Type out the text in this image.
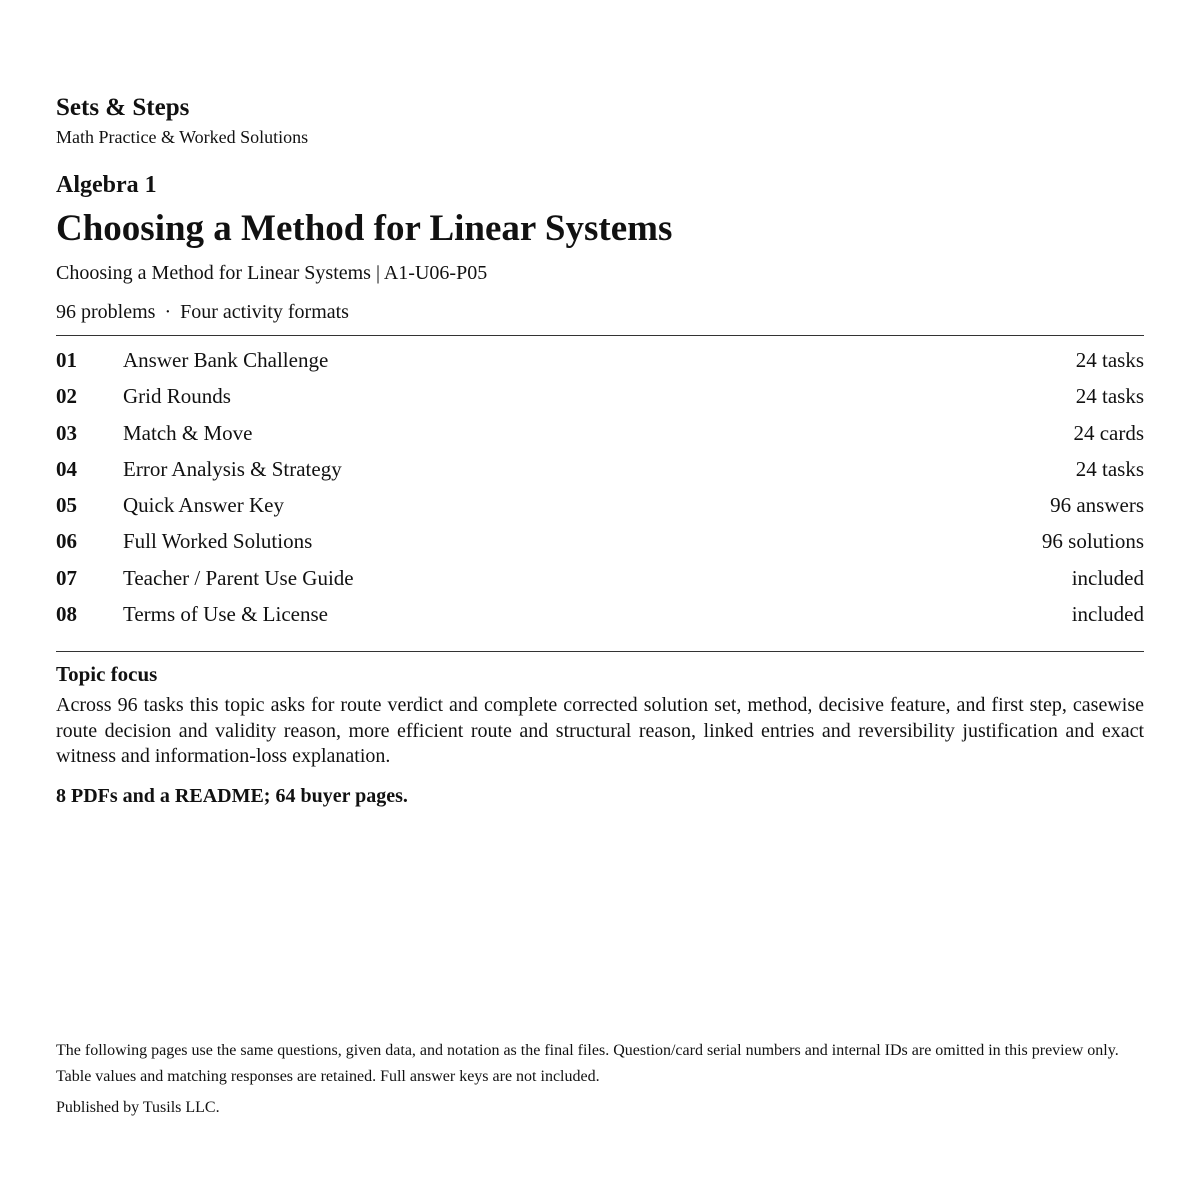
Sets & Steps
Math Practice & Worked Solutions
Algebra 1
Choosing a Method for Linear Systems
Choosing a Method for Linear Systems | A1-U06-P05
96 problems · Four activity formats
01 Answer Bank Challenge	24 tasks
02 Grid Rounds	24 tasks
03 Match & Move	24 cards
04 Error Analysis & Strategy	24 tasks
05 Quick Answer Key	96 answers
06 Full Worked Solutions	96 solutions
07 Teacher / Parent Use Guide	included
08 Terms of Use & License	included
Topic focus
Across 96 tasks this topic asks for route verdict and complete corrected solution set, method, decisive feature, and first step, casewise route decision and validity reason, more efficient route and structural reason, linked entries and reversibility justification and exact witness and information-loss explanation.
8 PDFs and a README; 64 buyer pages.
The following pages use the same questions, given data, and notation as the final files. Question/card serial numbers and internal IDs are omitted in this preview only. Table values and matching responses are retained. Full answer keys are not included.
Published by Tusils LLC.
